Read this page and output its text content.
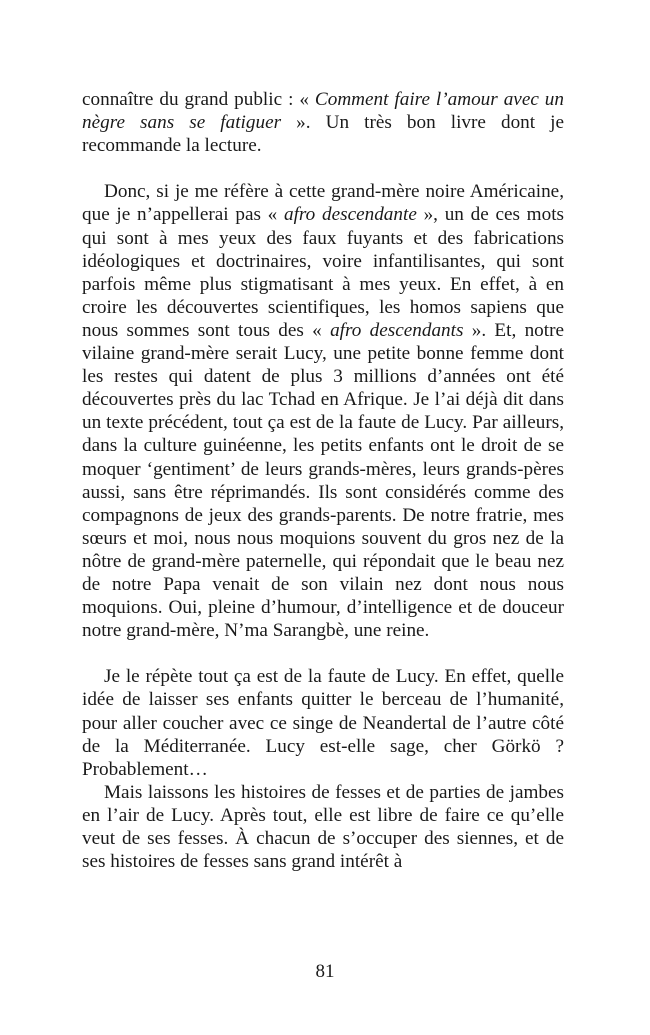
connaître du grand public : « Comment faire l’amour avec un nègre sans se fatiguer ». Un très bon livre dont je recommande la lecture.

Donc, si je me réfère à cette grand-mère noire Américaine, que je n’appellerai pas « afro descendante », un de ces mots qui sont à mes yeux des faux fuyants et des fabrications idéologiques et doctrinaires, voire infantilisantes, qui sont parfois même plus stigmatisant à mes yeux. En effet, à en croire les découvertes scientifiques, les homos sapiens que nous sommes sont tous des « afro descendants ». Et, notre vilaine grand-mère serait Lucy, une petite bonne femme dont les restes qui datent de plus 3 millions d’années ont été découvertes près du lac Tchad en Afrique. Je l’ai déjà dit dans un texte précédent, tout ça est de la faute de Lucy. Par ailleurs, dans la culture guinéenne, les petits enfants ont le droit de se moquer ‘gentiment’ de leurs grands-mères, leurs grands-pères aussi, sans être réprimandés. Ils sont considérés comme des compagnons de jeux des grands-parents. De notre fratrie, mes sœurs et moi, nous nous moquions souvent du gros nez de la nôtre de grand-mère paternelle, qui répondait que le beau nez de notre Papa venait de son vilain nez dont nous nous moquions. Oui, pleine d’humour, d’intelligence et de douceur notre grand-mère, N’ma Sarangbè, une reine.

Je le répète tout ça est de la faute de Lucy. En effet, quelle idée de laisser ses enfants quitter le berceau de l’humanité, pour aller coucher avec ce singe de Neandertal de l’autre côté de la Méditerranée. Lucy est-elle sage, cher Görkö ? Probablement…

Mais laissons les histoires de fesses et de parties de jambes en l’air de Lucy. Après tout, elle est libre de faire ce qu’elle veut de ses fesses. À chacun de s’occuper des siennes, et de ses histoires de fesses sans grand intérêt à

81
